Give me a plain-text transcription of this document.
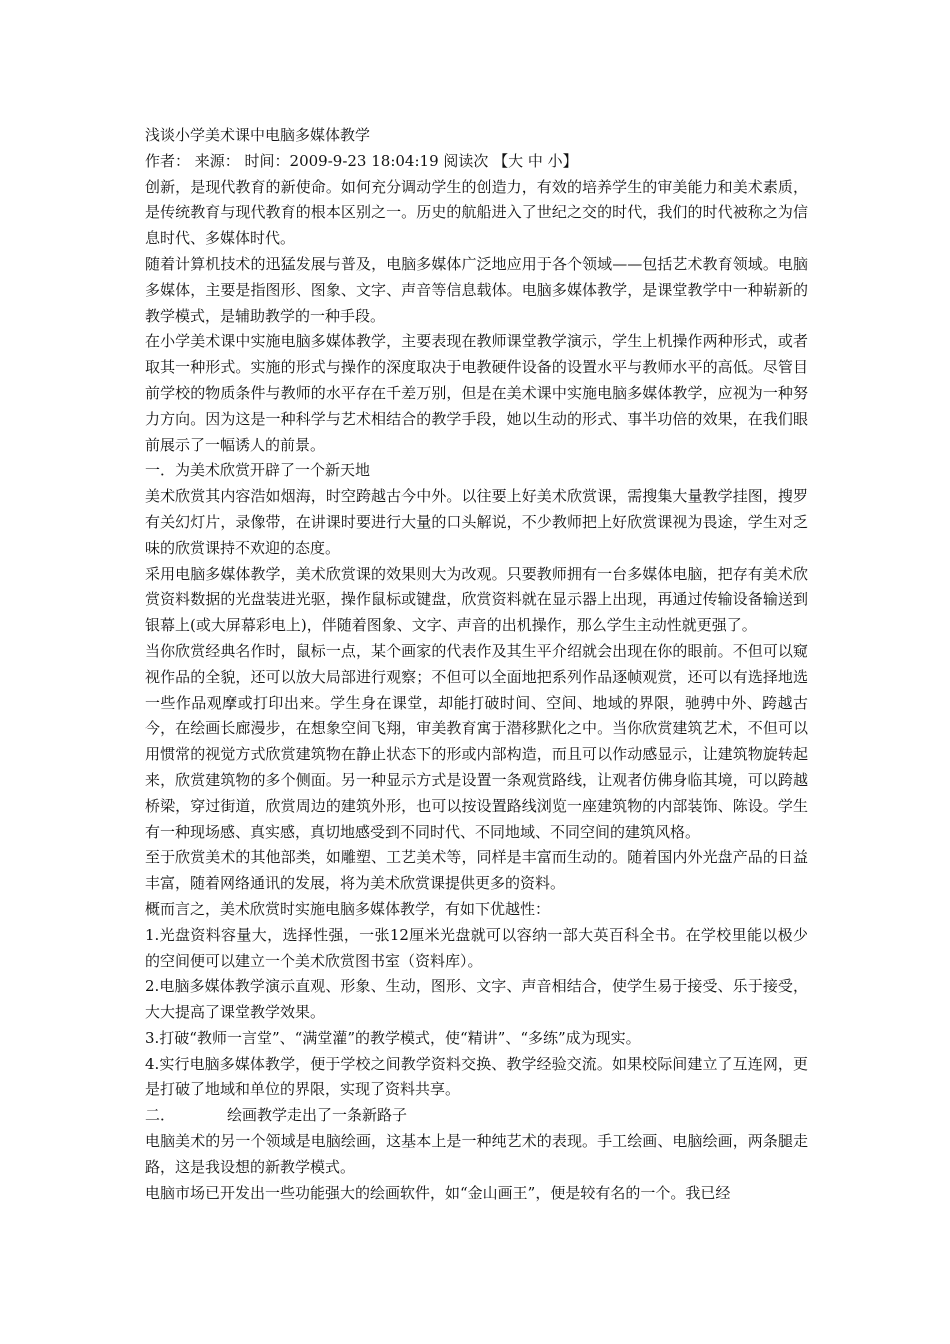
浅谈小学美术课中电脑多媒体教学

作者： 来源： 时间：2009-9-23 18:04:19 阅读次 【大 中 小】

创新，是现代教育的新使命。如何充分调动学生的创造力，有效的培养学生的审美能力和美术素质，是传统教育与现代教育的根本区别之一。历史的航船进入了世纪之交的时代，我们的时代被称之为信息时代、多媒体时代。

随着计算机技术的迅猛发展与普及，电脑多媒体广泛地应用于各个领域——包括艺术教育领域。电脑多媒体，主要是指图形、图象、文字、声音等信息载体。电脑多媒体教学，是课堂教学中一种崭新的教学模式，是辅助教学的一种手段。

在小学美术课中实施电脑多媒体教学，主要表现在教师课堂教学演示，学生上机操作两种形式，或者取其一种形式。实施的形式与操作的深度取决于电教硬件设备的设置水平与教师水平的高低。尽管目前学校的物质条件与教师的水平存在千差万别，但是在美术课中实施电脑多媒体教学，应视为一种努力方向。因为这是一种科学与艺术相结合的教学手段，她以生动的形式、事半功倍的效果，在我们眼前展示了一幅诱人的前景。

一．为美术欣赏开辟了一个新天地

美术欣赏其内容浩如烟海，时空跨越古今中外。以往要上好美术欣赏课，需搜集大量教学挂图，搜罗有关幻灯片，录像带，在讲课时要进行大量的口头解说，不少教师把上好欣赏课视为畏途，学生对乏味的欣赏课持不欢迎的态度。

采用电脑多媒体教学，美术欣赏课的效果则大为改观。只要教师拥有一台多媒体电脑，把存有美术欣赏资料数据的光盘装进光驱，操作鼠标或键盘，欣赏资料就在显示器上出现，再通过传输设备输送到银幕上(或大屏幕彩电上)，伴随着图象、文字、声音的出机操作，那么学生主动性就更强了。

当你欣赏经典名作时，鼠标一点，某个画家的代表作及其生平介绍就会出现在你的眼前。不但可以窥视作品的全貌，还可以放大局部进行观察；不但可以全面地把系列作品逐帧观赏，还可以有选择地选一些作品观摩或打印出来。学生身在课堂，却能打破时间、空间、地域的界限，驰骋中外、跨越古今，在绘画长廊漫步，在想象空间飞翔，审美教育寓于潜移默化之中。当你欣赏建筑艺术，不但可以用惯常的视觉方式欣赏建筑物在静止状态下的形或内部构造，而且可以作动感显示，让建筑物旋转起来，欣赏建筑物的多个侧面。另一种显示方式是设置一条观赏路线，让观者仿佛身临其境，可以跨越桥梁，穿过街道，欣赏周边的建筑外形，也可以按设置路线浏览一座建筑物的内部装饰、陈设。学生有一种现场感、真实感，真切地感受到不同时代、不同地域、不同空间的建筑风格。

至于欣赏美术的其他部类，如雕塑、工艺美术等，同样是丰富而生动的。随着国内外光盘产品的日益丰富，随着网络通讯的发展，将为美术欣赏课提供更多的资料。

概而言之，美术欣赏时实施电脑多媒体教学，有如下优越性：

1.光盘资料容量大，选择性强，一张12厘米光盘就可以容纳一部大英百科全书。在学校里能以极少的空间便可以建立一个美术欣赏图书室（资料库）。

2.电脑多媒体教学演示直观、形象、生动，图形、文字、声音相结合，使学生易于接受、乐于接受，大大提高了课堂教学效果。

3.打破“教师一言堂”、“满堂灌”的教学模式，使“精讲”、“多练”成为现实。

4.实行电脑多媒体教学，便于学校之间教学资料交换、教学经验交流。如果校际间建立了互连网，更是打破了地域和单位的界限，实现了资料共享。

二．	绘画教学走出了一条新路子

电脑美术的另一个领域是电脑绘画，这基本上是一种纯艺术的表现。手工绘画、电脑绘画，两条腿走路，这是我设想的新教学模式。

电脑市场已开发出一些功能强大的绘画软件，如“金山画王”，便是较有名的一个。我已经
